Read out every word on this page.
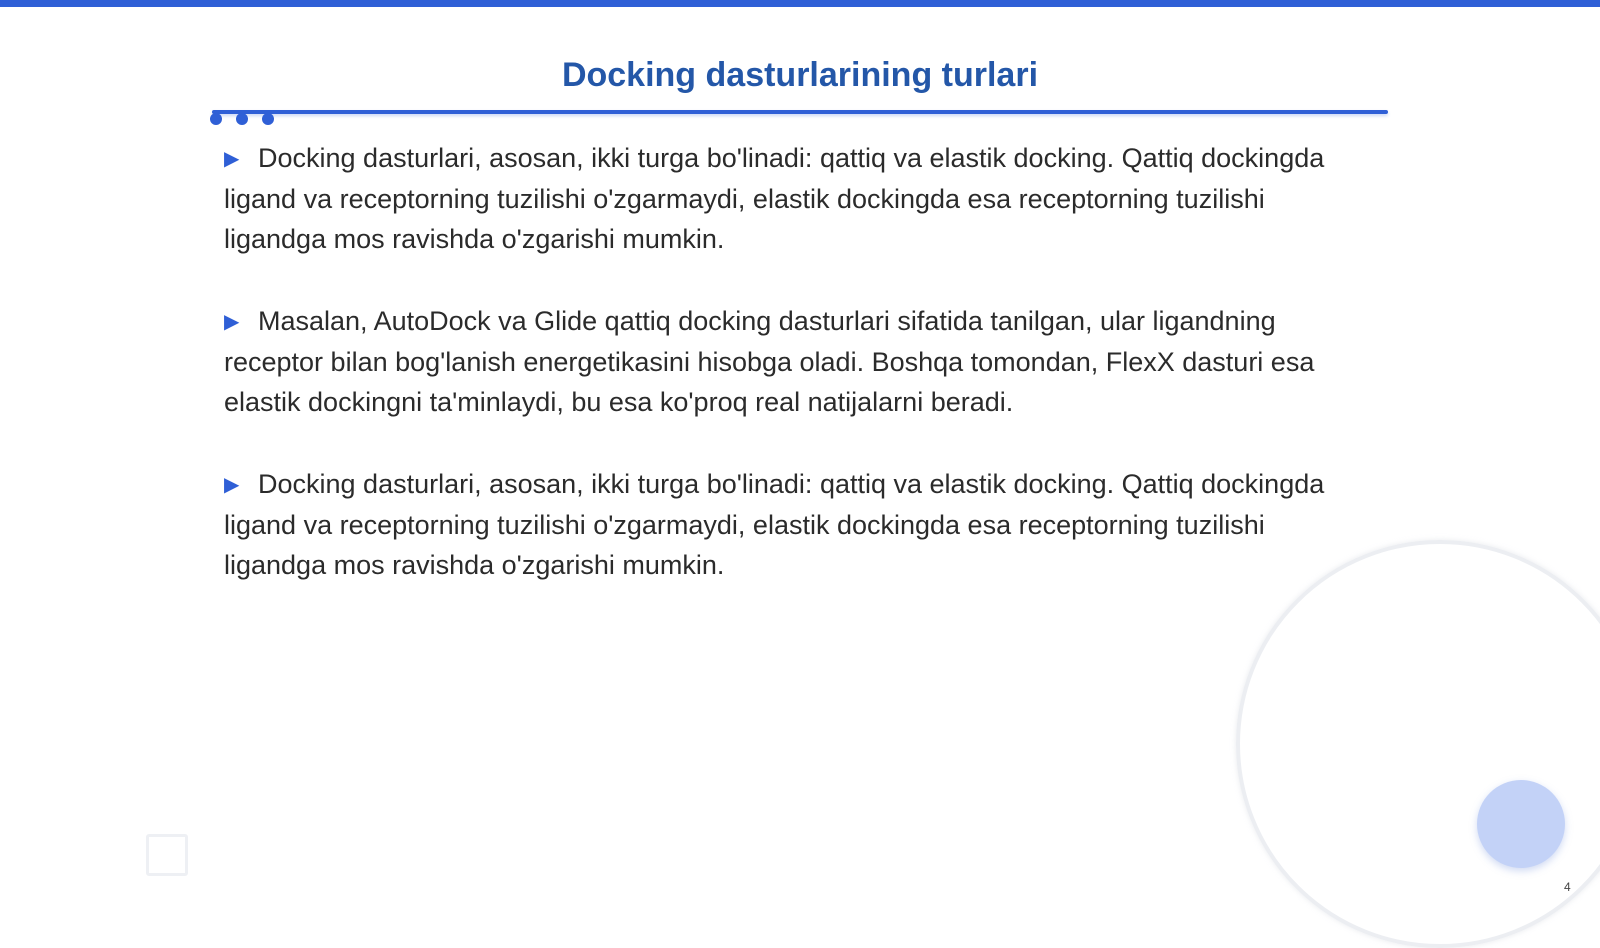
Docking dasturlarining turlari

▶ Docking dasturlari, asosan, ikki turga bo'linadi: qattiq va elastik docking. Qattiq dockingda ligand va receptorning tuzilishi o'zgarmaydi, elastik dockingda esa receptorning tuzilishi ligandga mos ravishda o'zgarishi mumkin.

▶ Masalan, AutoDock va Glide qattiq docking dasturlari sifatida tanilgan, ular ligandning receptor bilan bog'lanish energetikasini hisobga oladi. Boshqa tomondan, FlexX dasturi esa elastik dockingni ta'minlaydi, bu esa ko'proq real natijalarni beradi.

▶ Docking dasturlari, asosan, ikki turga bo'linadi: qattiq va elastik docking. Qattiq dockingda ligand va receptorning tuzilishi o'zgarmaydi, elastik dockingda esa receptorning tuzilishi ligandga mos ravishda o'zgarishi mumkin.

4
